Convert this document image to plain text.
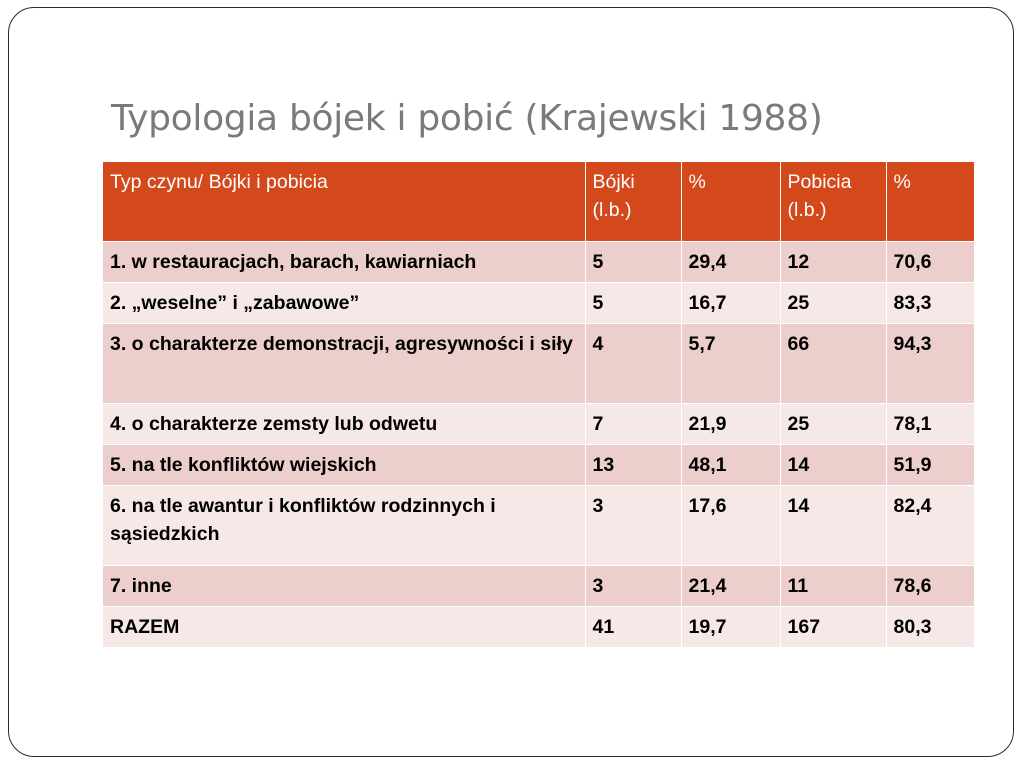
Typologia bójek i pobić (Krajewski 1988)
Typ czynu/ Bójki i pobicia	Bójki (l.b.)	%	Pobicia (l.b.)	%
1. w restauracjach, barach, kawiarniach	5	29,4	12	70,6
2. „weselne” i „zabawowe”	5	16,7	25	83,3
3. o charakterze demonstracji, agresywności i siły	4	5,7	66	94,3
4. o charakterze zemsty lub odwetu	7	21,9	25	78,1
5. na tle konfliktów wiejskich	13	48,1	14	51,9
6. na tle awantur i konfliktów rodzinnych i sąsiedzkich	3	17,6	14	82,4
7. inne	3	21,4	11	78,6
RAZEM	41	19,7	167	80,3
